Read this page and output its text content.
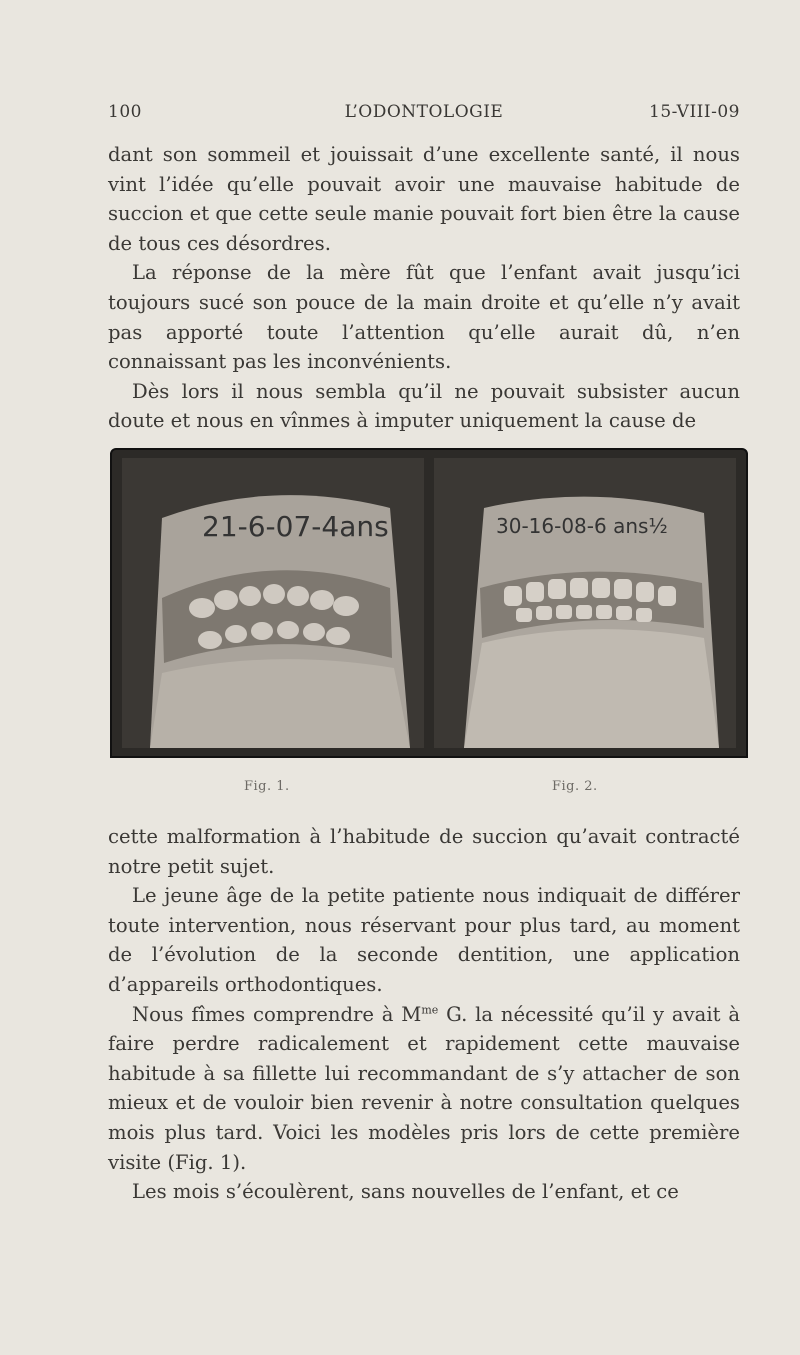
100	L’ODONTOLOGIE	15-VIII-09

dant son sommeil et jouissait d’une excellente santé, il nous vint l’idée qu’elle pouvait avoir une mauvaise habitude de succion et que cette seule manie pouvait fort bien être la cause de tous ces désordres.

La réponse de la mère fût que l’enfant avait jusqu’ici toujours sucé son pouce de la main droite et qu’elle n’y avait pas apporté toute l’attention qu’elle aurait dû, n’en connaissant pas les inconvénients.

Dès lors il nous sembla qu’il ne pouvait subsister aucun doute et nous en vînmes à imputer uniquement la cause de

21-6-07-4ans	30-16-08-6 ans½
Fig. 1.	Fig. 2.

cette malformation à l’habitude de succion qu’avait contracté notre petit sujet.

Le jeune âge de la petite patiente nous indiquait de différer toute intervention, nous réservant pour plus tard, au moment de l’évolution de la seconde dentition, une application d’appareils orthodontiques.

Nous fîmes comprendre à $M^{me}$ G. la nécessité qu’il y avait à faire perdre radicalement et rapidement cette mauvaise habitude à sa fillette lui recommandant de s’y attacher de son mieux et de vouloir bien revenir à notre consultation quelques mois plus tard. Voici les modèles pris lors de cette première visite (Fig. 1).

Les mois s’écoulèrent, sans nouvelles de l’enfant, et ce
